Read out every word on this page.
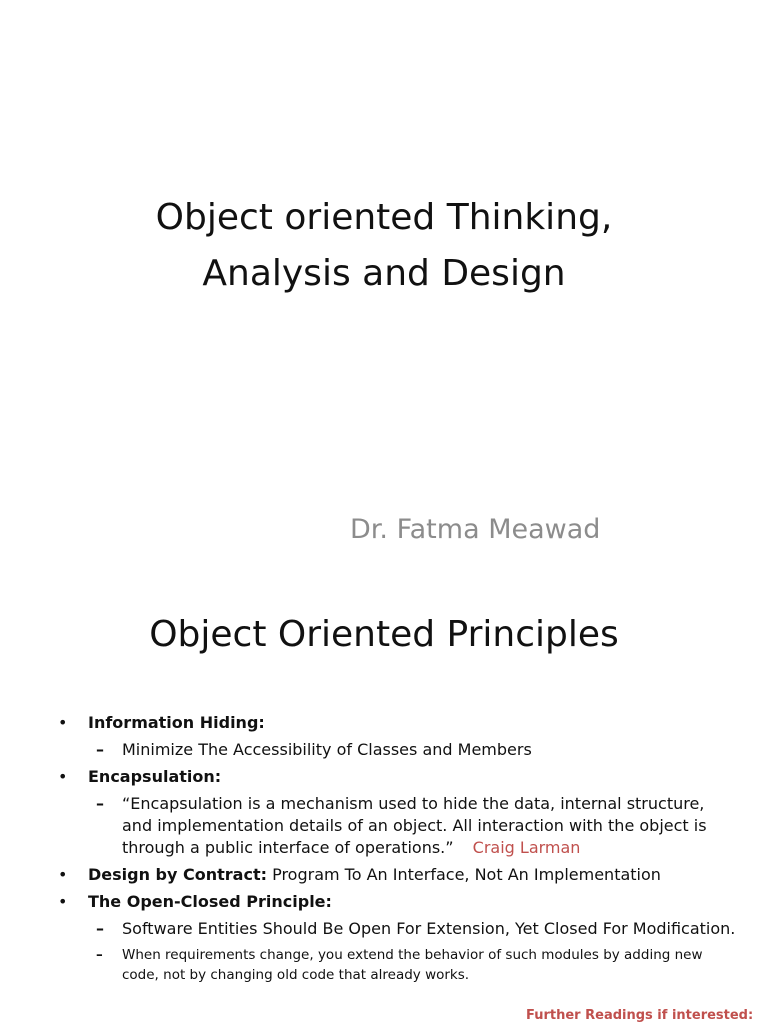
Object oriented Thinking,
Analysis and Design

Dr. Fatma Meawad

Object Oriented Principles
• Information Hiding:
– Minimize The Accessibility of Classes and Members
• Encapsulation:
– “Encapsulation is a mechanism used to hide the data, internal structure, and implementation details of an object. All interaction with the object is through a public interface of operations.” Craig Larman
• Design by Contract: Program To An Interface, Not An Implementation
• The Open-Closed Principle:
– Software Entities Should Be Open For Extension, Yet Closed For Modification.
– When requirements change, you extend the behavior of such modules by adding new code, not by changing old code that already works.
Further Readings if interested:
